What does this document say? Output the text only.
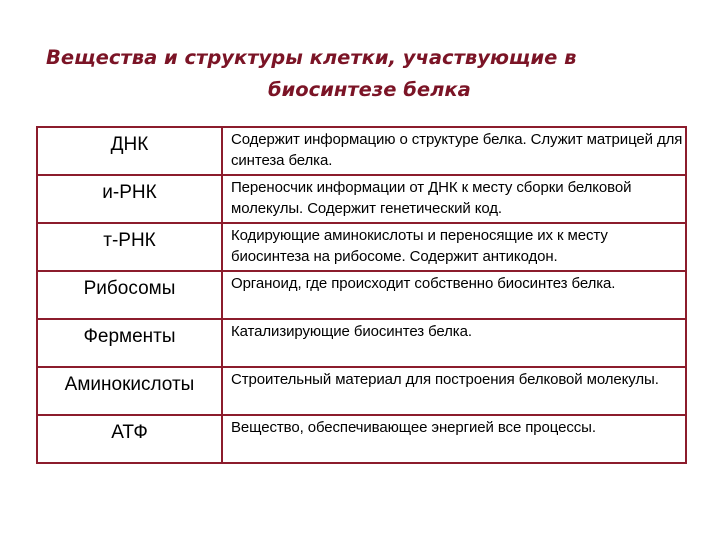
Вещества и структуры клетки, участвующие в
биосинтезе белка
ДНК	Содержит информацию о структуре белка. Служит матрицей для синтеза белка.
и-РНК	Переносчик информации от ДНК к месту сборки белковой молекулы. Содержит генетический код.
т-РНК	Кодирующие аминокислоты и переносящие их к месту биосинтеза на рибосоме. Содержит антикодон.
Рибосомы	Органоид, где происходит собственно биосинтез белка.
Ферменты	Катализирующие биосинтез белка.
Аминокислоты	Строительный материал для построения белковой молекулы.
АТФ	Вещество, обеспечивающее энергией все процессы.
